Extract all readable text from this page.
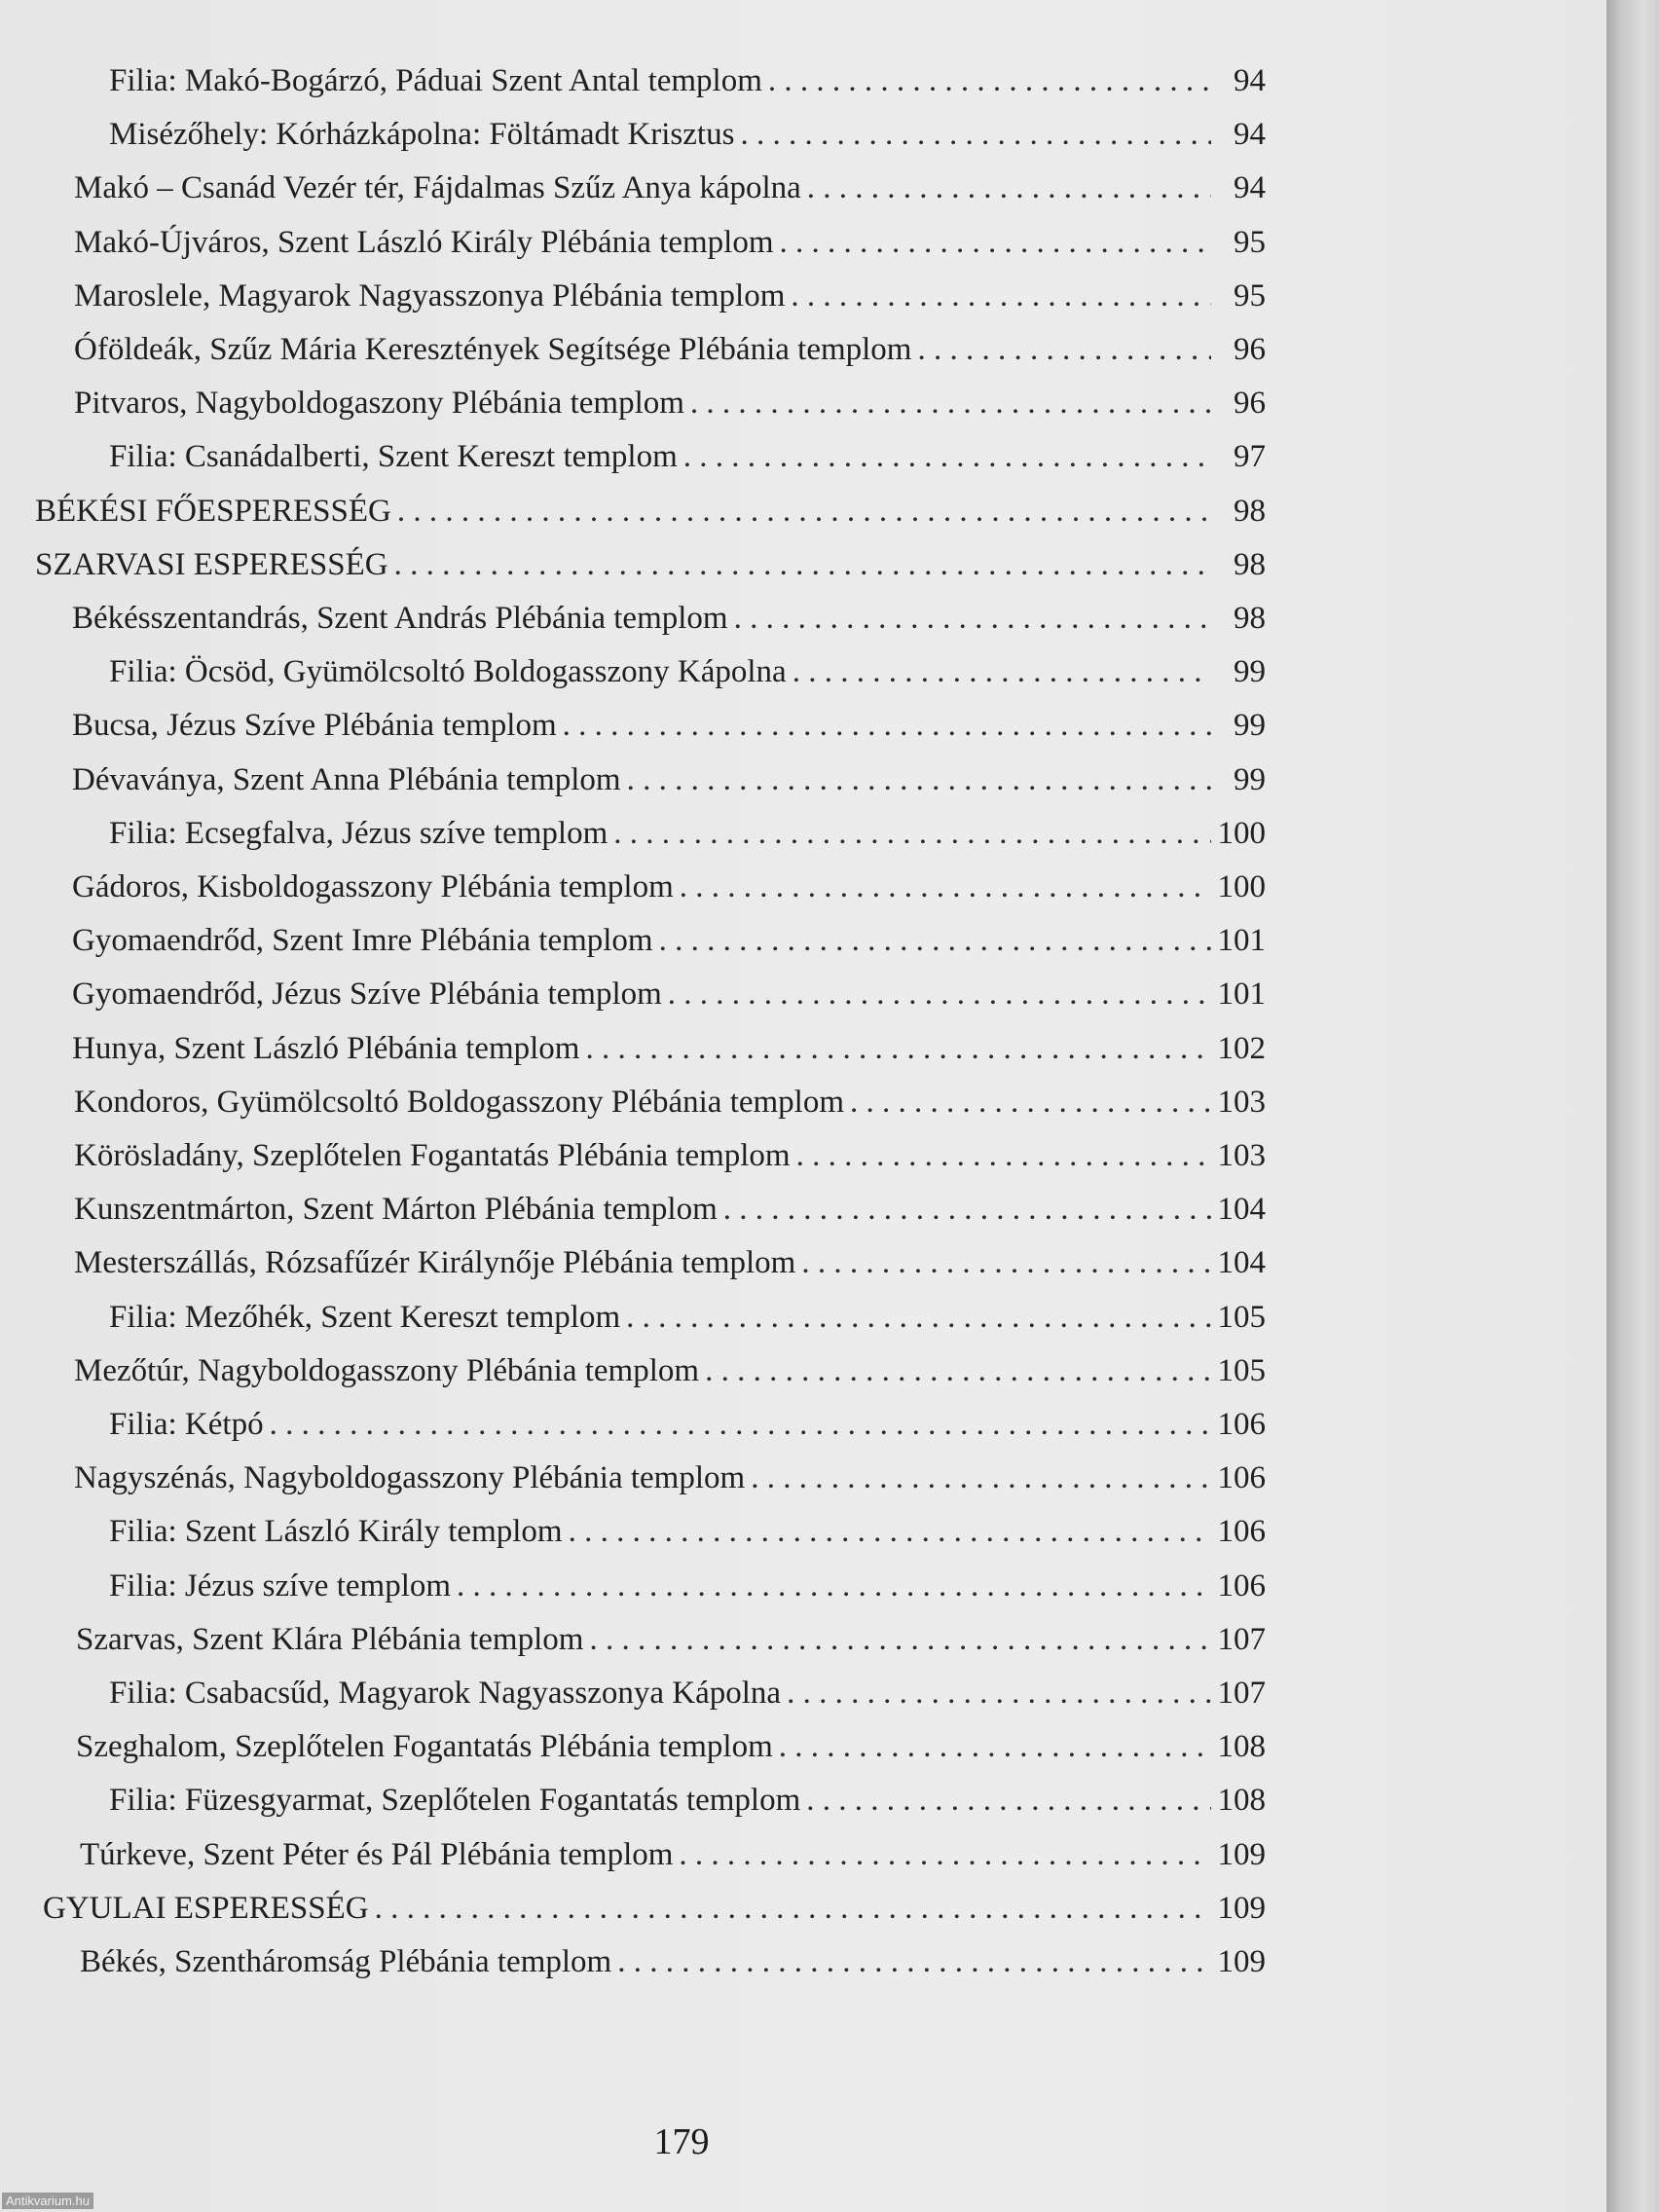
Filia: Makó-Bogárzó, Páduai Szent Antal templom . . .	94
Misézőhely: Kórházkápolna: Föltámadt Krisztus . . .	94
Makó – Csanád Vezér tér, Fájdalmas Szűz Anya kápolna . . .	94
Makó-Újváros, Szent László Király Plébánia templom . . .	95
Maroslele, Magyarok Nagyasszonya Plébánia templom . . .	95
Óföldeák, Szűz Mária Keresztények Segítsége Plébánia templom . . .	96
Pitvaros, Nagyboldogaszony Plébánia templom . . .	96
Filia: Csanádalberti, Szent Kereszt templom . . .	97
BÉKÉSI FŐESPERESSÉG . . .	98
SZARVASI ESPERESSÉG . . .	98
Békésszentandrás, Szent András Plébánia templom . . .	98
Filia: Öcsöd, Gyümölcsoltó Boldogasszony Kápolna . . .	99
Bucsa, Jézus Szíve Plébánia templom . . .	99
Dévaványa, Szent Anna Plébánia templom . . .	99
Filia: Ecsegfalva, Jézus szíve templom . . .	100
Gádoros, Kisboldogasszony Plébánia templom . . .	100
Gyomaendrőd, Szent Imre Plébánia templom . . .	101
Gyomaendrőd, Jézus Szíve Plébánia templom . . .	101
Hunya, Szent László Plébánia templom . . .	102
Kondoros, Gyümölcsoltó Boldogasszony Plébánia templom . . .	103
Körösladány, Szeplőtelen Fogantatás Plébánia templom . . .	103
Kunszentmárton, Szent Márton Plébánia templom . . .	104
Mesterszállás, Rózsafűzér Királynője Plébánia templom . . .	104
Filia: Mezőhék, Szent Kereszt templom . . .	105
Mezőtúr, Nagyboldogasszony Plébánia templom . . .	105
Filia: Kétpó . . .	106
Nagyszénás, Nagyboldogasszony Plébánia templom . . .	106
Filia: Szent László Király templom . . .	106
Filia: Jézus szíve templom . . .	106
Szarvas, Szent Klára Plébánia templom . . .	107
Filia: Csabacsűd, Magyarok Nagyasszonya Kápolna . . .	107
Szeghalom, Szeplőtelen Fogantatás Plébánia templom . . .	108
Filia: Füzesgyarmat, Szeplőtelen Fogantatás templom . . .	108
Túrkeve, Szent Péter és Pál Plébánia templom . . .	109
GYULAI ESPERESSÉG . . .	109
Békés, Szentháromság Plébánia templom . . .	109
179
Antikvarium.hu
